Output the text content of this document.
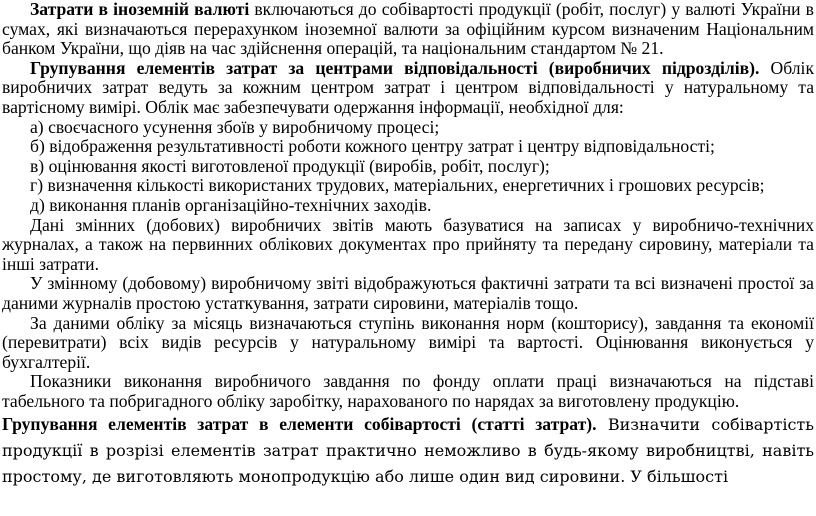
Затрати в іноземній валюті включаються до собівартості продукції (робіт, послуг) у валюті України в сумах, які визначаються перерахунком іноземної валюти за офіційним курсом визначеним Національним банком України, що діяв на час здійснення операцій, та національним стандартом № 21.

Групування елементів затрат за центрами відповідальності (виробничих підрозділів). Облік виробничих затрат ведуть за кожним центром затрат і центром відповідальності у натуральному та вартісному вимірі. Облік має забезпечувати одержання інформації, необхідної для:

а) своєчасного усунення збоїв у виробничому процесі;

б) відображення результативності роботи кожного центру затрат і центру відповідальності;

в) оцінювання якості виготовленої продукції (виробів, робіт, послуг);

г) визначення кількості використаних трудових, матеріальних, енергетичних і грошових ресурсів;

д) виконання планів організаційно-технічних заходів.

Дані змінних (добових) виробничих звітів мають базуватися на записах у виробничо-технічних журналах, а також на первинних облікових документах про прийняту та передану сировину, матеріали та інші затрати.

У змінному (добовому) виробничому звіті відображуються фактичні затрати та всі визначені простої за даними журналів простою устаткування, затрати сировини, матеріалів тощо.

За даними обліку за місяць визначаються ступінь виконання норм (кошторису), завдання та економії (перевитрати) всіх видів ресурсів у натуральному вимірі та вартості. Оцінювання виконується у бухгалтерії.

Показники виконання виробничого завдання по фонду оплати праці визначаються на підставі табельного та побригадного обліку заробітку, нарахованого по нарядах за виготовлену продукцію.

Групування елементів затрат в елементи собівартості (статті затрат). Визначити собівартість продукції в розрізі елементів затрат практично неможливо в будь-якому виробництві, навіть простому, де виготовляють монопродукцію або лише один вид сировини. У більшості
